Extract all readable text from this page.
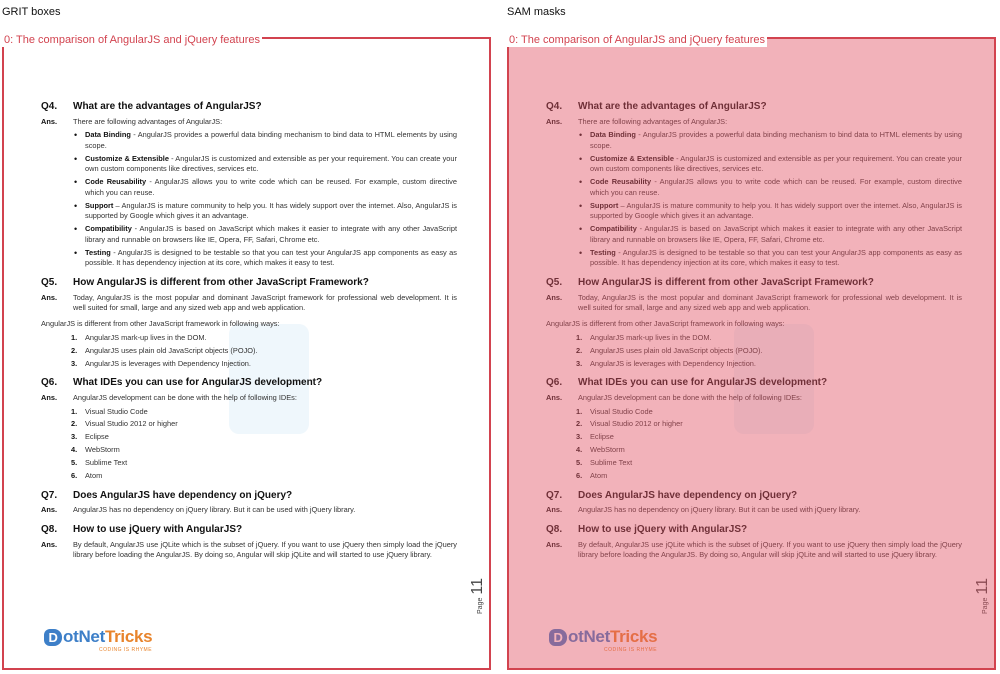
GRIT boxes
Q4.	What are the advantages of AngularJS?
Ans.	There are following advantages of AngularJS:
• Data Binding - AngularJS provides a powerful data binding mechanism to bind data to HTML elements by using scope.
• Customize & Extensible - AngularJS is customized and extensible as per your requirement. You can create your own custom components like directives, services etc.
• Code Reusability - AngularJS allows you to write code which can be reused. For example, custom directive which you can reuse.
• Support – AngularJS is mature community to help you. It has widely support over the internet. Also, AngularJS is supported by Google which gives it an advantage.
• Compatibility - AngularJS is based on JavaScript which makes it easier to integrate with any other JavaScript library and runnable on browsers like IE, Opera, FF, Safari, Chrome etc.
• Testing - AngularJS is designed to be testable so that you can test your AngularJS app components as easy as possible. It has dependency injection at its core, which makes it easy to test.
Q5.	How AngularJS is different from other JavaScript Framework?
Ans.	Today, AngularJS is the most popular and dominant JavaScript framework for professional web development. It is well suited for small, large and any sized web app and web application.
AngularJS is different from other JavaScript framework in following ways:
1. AngularJS mark-up lives in the DOM.
2. AngularJS uses plain old JavaScript objects (POJO).
3. AngularJS is leverages with Dependency Injection.
Q6.	What IDEs you can use for AngularJS development?
Ans.	AngularJS development can be done with the help of following IDEs:
1. Visual Studio Code
2. Visual Studio 2012 or higher
3. Eclipse
4. WebStorm
5. Sublime Text
6. Atom
Q7.	Does AngularJS have dependency on jQuery?
Ans.	AngularJS has no dependency on jQuery library. But it can be used with jQuery library.
Q8.	How to use jQuery with AngularJS?
Ans.	By default, AngularJS use jQLite which is the subset of jQuery. If you want to use jQuery then simply load the jQuery library before loading the AngularJS. By doing so, Angular will skip jQLite and will started to use jQuery library.
Page11
D otNetTricks
CODING IS RHYME
0: The comparison of AngularJS and jQuery features
SAM masks
Q4.	What are the advantages of AngularJS?
Ans.	There are following advantages of AngularJS:
• Data Binding - AngularJS provides a powerful data binding mechanism to bind data to HTML elements by using scope.
• Customize & Extensible - AngularJS is customized and extensible as per your requirement. You can create your own custom components like directives, services etc.
• Code Reusability - AngularJS allows you to write code which can be reused. For example, custom directive which you can reuse.
• Support – AngularJS is mature community to help you. It has widely support over the internet. Also, AngularJS is supported by Google which gives it an advantage.
• Compatibility - AngularJS is based on JavaScript which makes it easier to integrate with any other JavaScript library and runnable on browsers like IE, Opera, FF, Safari, Chrome etc.
• Testing - AngularJS is designed to be testable so that you can test your AngularJS app components as easy as possible. It has dependency injection at its core, which makes it easy to test.
Q5.	How AngularJS is different from other JavaScript Framework?
Ans.	Today, AngularJS is the most popular and dominant JavaScript framework for professional web development. It is well suited for small, large and any sized web app and web application.
AngularJS is different from other JavaScript framework in following ways:
1. AngularJS mark-up lives in the DOM.
2. AngularJS uses plain old JavaScript objects (POJO).
3. AngularJS is leverages with Dependency Injection.
Q6.	What IDEs you can use for AngularJS development?
Ans.	AngularJS development can be done with the help of following IDEs:
1. Visual Studio Code
2. Visual Studio 2012 or higher
3. Eclipse
4. WebStorm
5. Sublime Text
6. Atom
Q7.	Does AngularJS have dependency on jQuery?
Ans.	AngularJS has no dependency on jQuery library. But it can be used with jQuery library.
Q8.	How to use jQuery with AngularJS?
Ans.	By default, AngularJS use jQLite which is the subset of jQuery. If you want to use jQuery then simply load the jQuery library before loading the AngularJS. By doing so, Angular will skip jQLite and will started to use jQuery library.
Page11
D otNetTricks
CODING IS RHYME
0: The comparison of AngularJS and jQuery features
